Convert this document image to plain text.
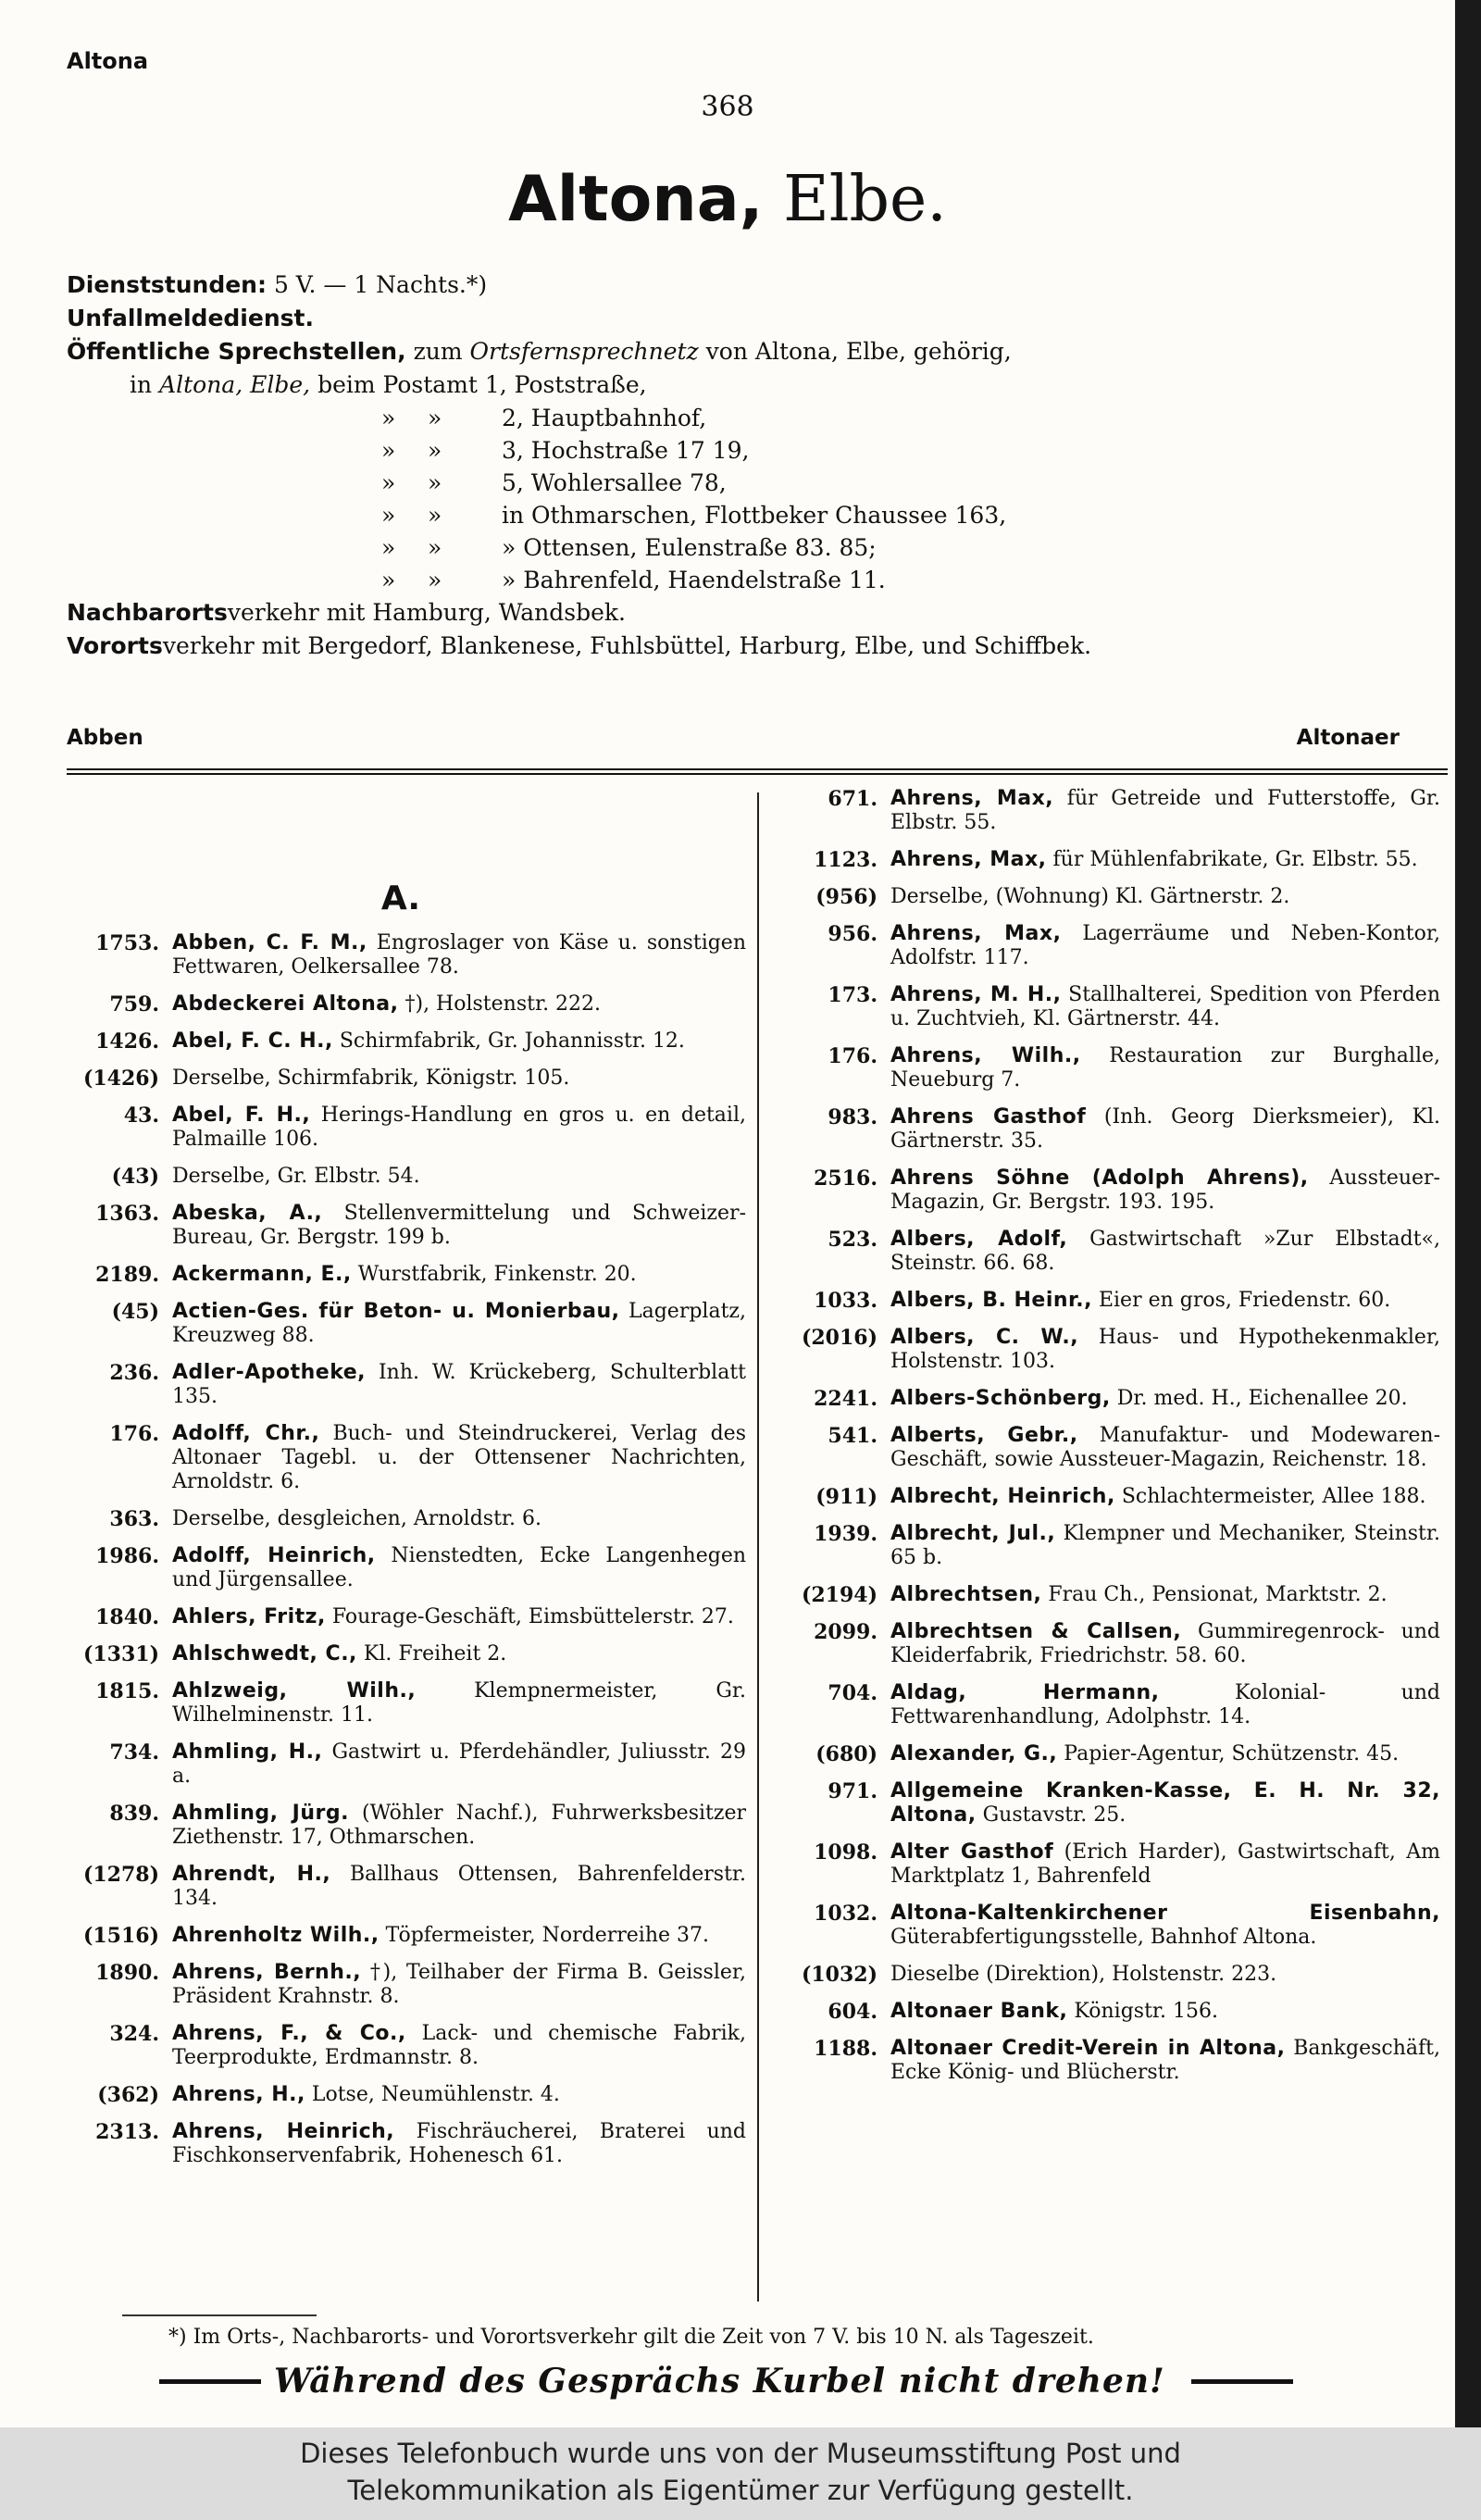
Altona
368
Altona, Elbe.
Dienststunden: 5 V. — 1 Nachts.*)
Unfallmeldedienst.
Öffentliche Sprechstellen, zum Ortsfernsprechnetz von Altona, Elbe, gehörig,
in Altona, Elbe, beim Postamt 1, Poststraße,
»	»	2, Hauptbahnhof,
»	»	3, Hochstraße 17 19,
»	»	5, Wohlersallee 78,
»	»	in Othmarschen, Flottbeker Chaussee 163,
»	»	» Ottensen, Eulenstraße 83. 85;
»	»	» Bahrenfeld, Haendelstraße 11.
Nachbarortsverkehr mit Hamburg, Wandsbek.
Vorortsverkehr mit Bergedorf, Blankenese, Fuhlsbüttel, Harburg, Elbe, und Schiffbek.
Abben	Altonaer
A.
1753. Abben, C. F. M., Engroslager von Käse u. sonstigen Fettwaren, Oelkersallee 78.
759. Abdeckerei Altona, †), Holstenstr. 222.
1426. Abel, F. C. H., Schirmfabrik, Gr. Johannisstr. 12.
(1426) Derselbe, Schirmfabrik, Königstr. 105.
43. Abel, F. H., Herings-Handlung en gros u. en detail, Palmaille 106.
(43) Derselbe, Gr. Elbstr. 54.
1363. Abeska, A., Stellenvermittelung und Schweizer-Bureau, Gr. Bergstr. 199 b.
2189. Ackermann, E., Wurstfabrik, Finkenstr. 20.
(45) Actien-Ges. für Beton- u. Monierbau, Lagerplatz, Kreuzweg 88.
236. Adler-Apotheke, Inh. W. Krückeberg, Schulterblatt 135.
176. Adolff, Chr., Buch- und Steindruckerei, Verlag des Altonaer Tagebl. u. der Ottensener Nachrichten, Arnoldstr. 6.
363. Derselbe, desgleichen, Arnoldstr. 6.
1986. Adolff, Heinrich, Nienstedten, Ecke Langenhegen und Jürgensallee.
1840. Ahlers, Fritz, Fourage-Geschäft, Eimsbüttelerstr. 27.
(1331) Ahlschwedt, C., Kl. Freiheit 2.
1815. Ahlzweig, Wilh.,	Klempnermeister, Gr. Wilhelminenstr. 11.
734. Ahmling, H., Gastwirt u. Pferdehändler, Juliusstr. 29 a.
839. Ahmling, Jürg. (Wöhler Nachf.), Fuhrwerksbesitzer Ziethenstr. 17, Othmarschen.
(1278) Ahrendt, H., Ballhaus Ottensen, Bahrenfelderstr. 134.
(1516) Ahrenholtz Wilh., Töpfermeister, Norderreihe 37.
1890. Ahrens, Bernh., †), Teilhaber der Firma B. Geissler, Präsident Krahnstr. 8.
324. Ahrens, F., & Co., Lack- und chemische Fabrik, Teerprodukte, Erdmannstr. 8.
(362) Ahrens, H., Lotse, Neumühlenstr. 4.
2313. Ahrens, Heinrich, Fischräucherei, Braterei und Fischkonservenfabrik, Hohenesch 61.
671. Ahrens, Max, für Getreide und Futterstoffe, Gr. Elbstr. 55.
1123. Ahrens, Max, für Mühlenfabrikate, Gr. Elbstr. 55.
(956) Derselbe, (Wohnung) Kl. Gärtnerstr. 2.
956. Ahrens, Max, Lagerräume und Neben-Kontor, Adolfstr. 117.
173. Ahrens, M. H., Stallhalterei, Spedition von Pferden u. Zuchtvieh, Kl. Gärtnerstr. 44.
176. Ahrens, Wilh., Restauration zur Burghalle, Neueburg 7.
983. Ahrens Gasthof (Inh. Georg Dierksmeier), Kl. Gärtnerstr. 35.
2516. Ahrens Söhne (Adolph Ahrens), Aussteuer-Magazin, Gr. Bergstr. 193. 195.
523. Albers, Adolf, Gastwirtschaft »Zur Elbstadt«, Steinstr. 66. 68.
1033. Albers, B. Heinr., Eier en gros, Friedenstr. 60.
(2016) Albers, C. W., Haus- und Hypothekenmakler, Holstenstr. 103.
2241. Albers-Schönberg, Dr. med. H., Eichenallee 20.
541. Alberts, Gebr., Manufaktur- und Modewaren-Geschäft, sowie Aussteuer-Magazin, Reichenstr. 18.
(911) Albrecht, Heinrich, Schlachtermeister, Allee 188.
1939. Albrecht, Jul., Klempner und Mechaniker, Steinstr. 65 b.
(2194) Albrechtsen, Frau Ch., Pensionat, Marktstr. 2.
2099. Albrechtsen & Callsen, Gummiregenrock- und Kleiderfabrik, Friedrichstr. 58. 60.
704. Aldag, Hermann,	Kolonial- und Fettwarenhandlung, Adolphstr. 14.
(680) Alexander, G., Papier-Agentur, Schützenstr. 45.
971. Allgemeine Kranken-Kasse, E. H. Nr. 32, Altona, Gustavstr. 25.
1098. Alter Gasthof (Erich Harder), Gastwirtschaft, Am Marktplatz 1, Bahrenfeld
1032. Altona-Kaltenkirchener Eisenbahn, Güterabfertigungsstelle, Bahnhof Altona.
(1032) Dieselbe (Direktion), Holstenstr. 223.
604. Altonaer Bank, Königstr. 156.
1188. Altonaer Credit-Verein in Altona, Bankgeschäft, Ecke König- und Blücherstr.
*) Im Orts-, Nachbarorts- und Vorortsverkehr gilt die Zeit von 7 V. bis 10 N. als Tageszeit.
Während des Gesprächs Kurbel nicht drehen!
Dieses Telefonbuch wurde uns von der Museumsstiftung Post und
Telekommunikation als Eigentümer zur Verfügung gestellt.
